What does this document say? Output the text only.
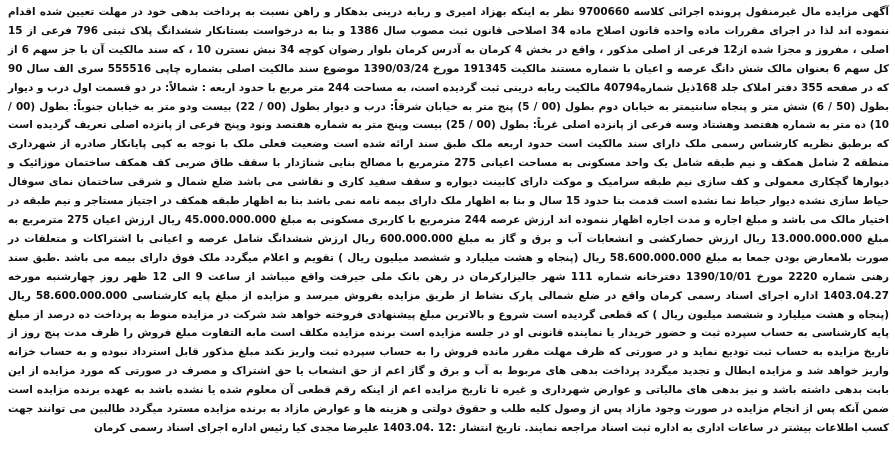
آگهی مزایده مال غیرمنقول پرونده اجرائی کلاسه 9700660 نظر به اینکه بهزاد امیری و ربابه درینی بدهکار و راهن نسبت به پرداخت بدهی خود در مهلت تعیین شده اقدام ننموده اند لذا در اجرای مقررات ماده واحده قانون اصلاح ماده 34 اصلاحی قانون ثبت مصوب سال 1386 و بنا به درخواست بستانکار ششدانگ پلاک ثبتی 796 فرعی از 15 اصلی ، مفروز و مجزا شده از12 فرعی از اصلی مذکور ، واقع در بخش 4 کرمان به آدرس کرمان بلوار رضوان کوچه 34 نبش نسترن 10 ، که سند مالکیت آن با جز سهم 6 از کل سهم 6 بعنوان مالک شش دانگ عرصه و اعیان با شماره مستند مالکیت 191345 مورخ 1390/03/24 موضوع سند مالکیت اصلی بشماره چاپی 555516 سری الف سال 90 که در صفحه 355 دفتر املاک جلد 168ذیل شماره40794 مالکیت ربابه درینی ثبت گردیده است، به مساحت 244 متر مربع با حدود اربعه : شمالاً: در دو قسمت اول درب و دیوار بطول (50 / 6) شش متر و پنجاه سانتیمتر به خیابان دوم بطول (00 / 5) پنج متر به خیابان شرقاً: درب و دیوار بطول (00 / 22) بیست ودو متر به خیابان جنوباً: بطول (00 / 10) ده متر به شماره هفتصد وهشتاد وسه فرعی از پانزده اصلی غرباً: بطول (00 / 25) بیست وپنج متر به شماره هفتصد ونود وپنج فرعی از پانزده اصلی تعریف گردیده است که برطبق نظریه کارشناس رسمی ملک دارای سند مالکیت است حدود اربعه ملک طبق سند ارائه شده است وضعیت فعلی ملک با توجه به کپی پایانکار صادره از شهرداری منطقه 2 شامل همکف و نیم طبقه شامل یک واحد مسکونی به مساحت اعیانی 275 مترمربع با مصالح بنایی شناژدار با سقف طاق ضربی کف همکف ساختمان موزائیک و دیوارها گچکاری معمولی و کف سازی نیم طبقه سرامیک و موکت دارای کابینت دیواره و سقف سفید کاری و نقاشی می باشد ضلع شمال و شرقی ساختمان نمای سوفال حیاط سازی نشده دیوار حیاط نما نشده است قدمت بنا حدود 15 سال و بنا به اظهار ملک دارای بیمه نامه نمی باشد بنا به اظهار طبقه همکف در اجتیاز مستاجر و نیم طبقه در اختیار مالک می باشد و مبلغ اجاره و مدت اجاره اظهار ننموده اند ارزش عرصه 244 مترمربع با کاربری مسکونی به مبلغ 45.000.000.000 ریال ارزش اعیان 275 مترمربع به مبلغ 13.000.000.000 ریال ارزش حصارکشی و انشعابات آب و برق و گاز به مبلغ 600.000.000 ریال ارزش ششدانگ شامل عرصه و اعیانی با اشتراکات و متعلقات در صورت بلامعارض بودن جمعا به مبلغ 58.600.000.000 ریال (پنجاه و هشت میلیارد و ششصد میلیون ریال ) تقویم و اعلام میگردد ملک فوق دارای بیمه می باشد .طبق سند رهنی شماره 2220 مورخ 1390/10/01 دفترخانه شماره 111 شهر جالیزارکرمان در رهن بانک ملی جیرفت واقع میباشد از ساعت 9 الی 12 ظهر روز چهارشنبه مورخه 1403.04.27 اداره اجرای اسناد رسمی کرمان واقع در ضلع شمالی پارک نشاط از طریق مزایده بفروش میرسد و مزایده از مبلغ پایه کارشناسی 58.600.000.000 ریال (پنجاه و هشت میلیارد و ششصد میلیون ریال ) که قطعی گردیده است شروع و بالاترین مبلغ پیشنهادی فروخته خواهد شد شرکت در مزایده منوط به پرداخت ده درصد از مبلغ پایه کارشناسی به حساب سپرده ثبت و حضور خریدار یا نماینده قانونی او در جلسه مزایده است برنده مزایده مکلف است مابه التفاوت مبلغ فروش را ظرف مدت پنج روز از تاریخ مزایده به حساب ثبت تودیع نماید و در صورتی که ظرف مهلت مقرر مانده فروش را به حساب سپرده ثبت واریز نکند مبلغ مذکور قابل استرداد نبوده و به حساب خزانه واریز خواهد شد و مزایده ابطال و تجدید میگردد پرداخت بدهی های مربوط به آب و برق و گاز اعم از حق انشعاب یا حق اشتراک و مصرف در صورتی که مورد مزایده از این بابت بدهی داشته باشد و نیز بدهی های مالیاتی و عوارض شهرداری و غیره تا تاریخ مزایده اعم از اینکه رقم قطعی آن معلوم شده یا نشده باشد به عهده برنده مزایده است ضمن آنکه پس از انجام مزایده در صورت وجود مازاد پس از وصول کلیه طلب و حقوق دولتی و هزینه ها و عوارض مازاد به برنده مزایده مسترد میگردد طالبین می توانند جهت کسب اطلاعات بیشتر در ساعات اداری به اداره ثبت اسناد مراجعه نمایند. تاریخ انتشار :12 .1403.04 علیرضا مجدی کیا رئیس اداره اجرای اسناد رسمی کرمان
